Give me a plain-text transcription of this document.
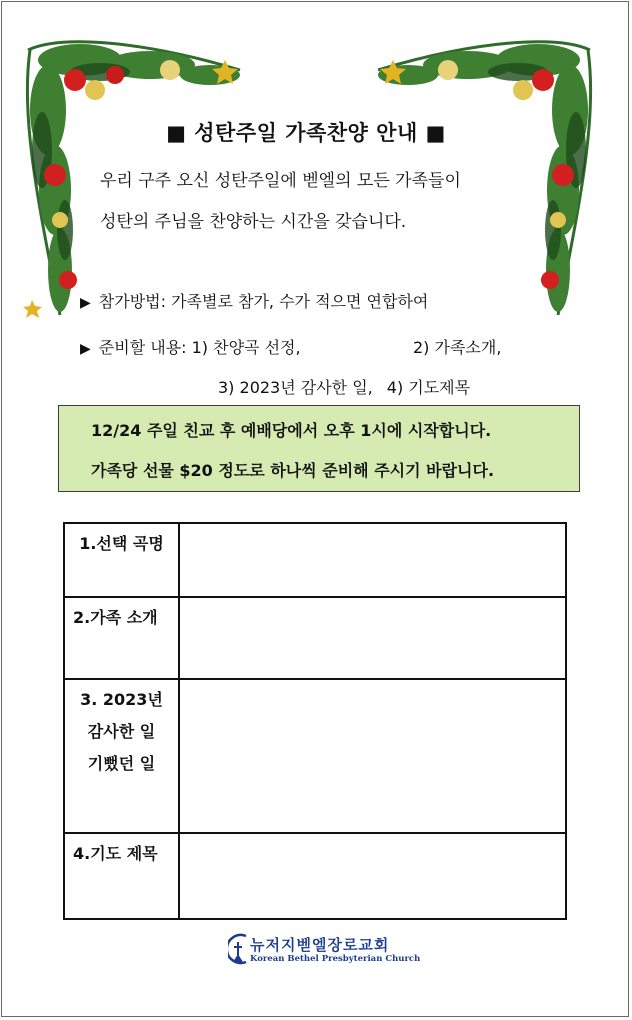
■ 성탄주일 가족찬양 안내 ■
우리 구주 오신 성탄주일에 벧엘의 모든 가족들이
성탄의 주님을 찬양하는 시간을 갖습니다.
▶ 참가방법: 가족별로 참가, 수가 적으면 연합하여
▶ 준비할 내용: 1) 찬양곡 선정,	2) 가족소개,
3) 2023년 감사한 일, 4) 기도제목
12/24 주일 친교 후 예배당에서 오후 1시에 시작합니다.
가족당 선물 $20 정도로 하나씩 준비해 주시기 바랍니다.
1.선택 곡명	
2.가족 소개	

3. 2023년
감사한 일
기뻤던 일	

4.기도 제목	
뉴저지벧엘장로교회
Korean Bethel Presbyterian Church
